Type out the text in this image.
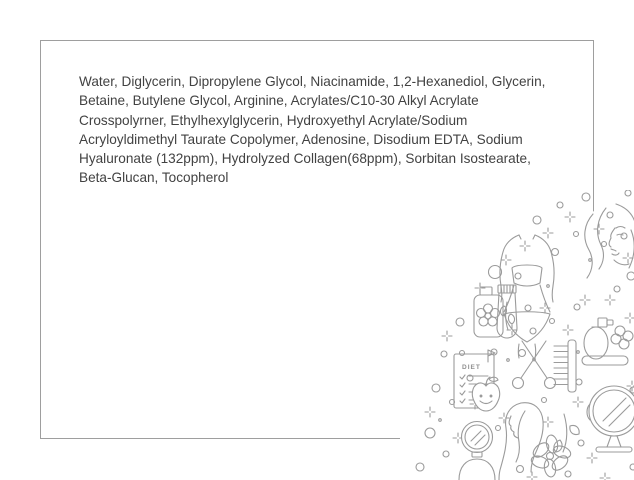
Water, Diglycerin, Dipropylene Glycol, Niacinamide, 1,2-Hexanediol, Glycerin,
Betaine, Butylene Glycol, Arginine, Acrylates/C10-30 Alkyl Acrylate
Crosspolyrner, Ethylhexylglycerin, Hydroxyethyl Acrylate/Sodium
Acryloyldimethyl Taurate Copolymer, Adenosine, Disodium EDTA, Sodium
Hyaluronate (132ppm), Hydrolyzed Collagen(68ppm), Sorbitan Isostearate,
Beta-Glucan, Tocopherol
DIET
